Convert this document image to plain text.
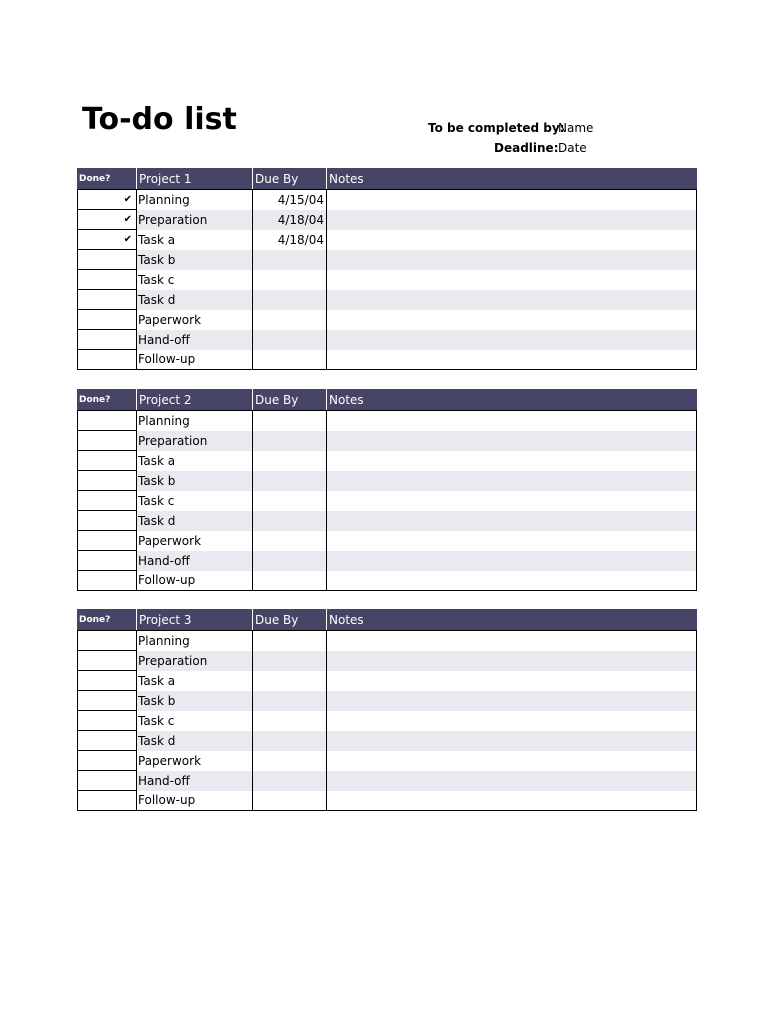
To-do list	To be completed by:
Name
Deadline: Date
Done?	Project 1	Due By	Notes
✔	Planning	4/15/04	
✔	Preparation	4/18/04	
✔	Task a	4/18/04	
	Task b		
	Task c		
	Task d		
	Paperwork		
	Hand-off		
	Follow-up		
Done?	Project 2	Due By	Notes
	Planning		
	Preparation		
	Task a		
	Task b		
	Task c		
	Task d		
	Paperwork		
	Hand-off		
	Follow-up		
Done?	Project 3	Due By	Notes
	Planning		
	Preparation		
	Task a		
	Task b		
	Task c		
	Task d		
	Paperwork		
	Hand-off		
	Follow-up		
